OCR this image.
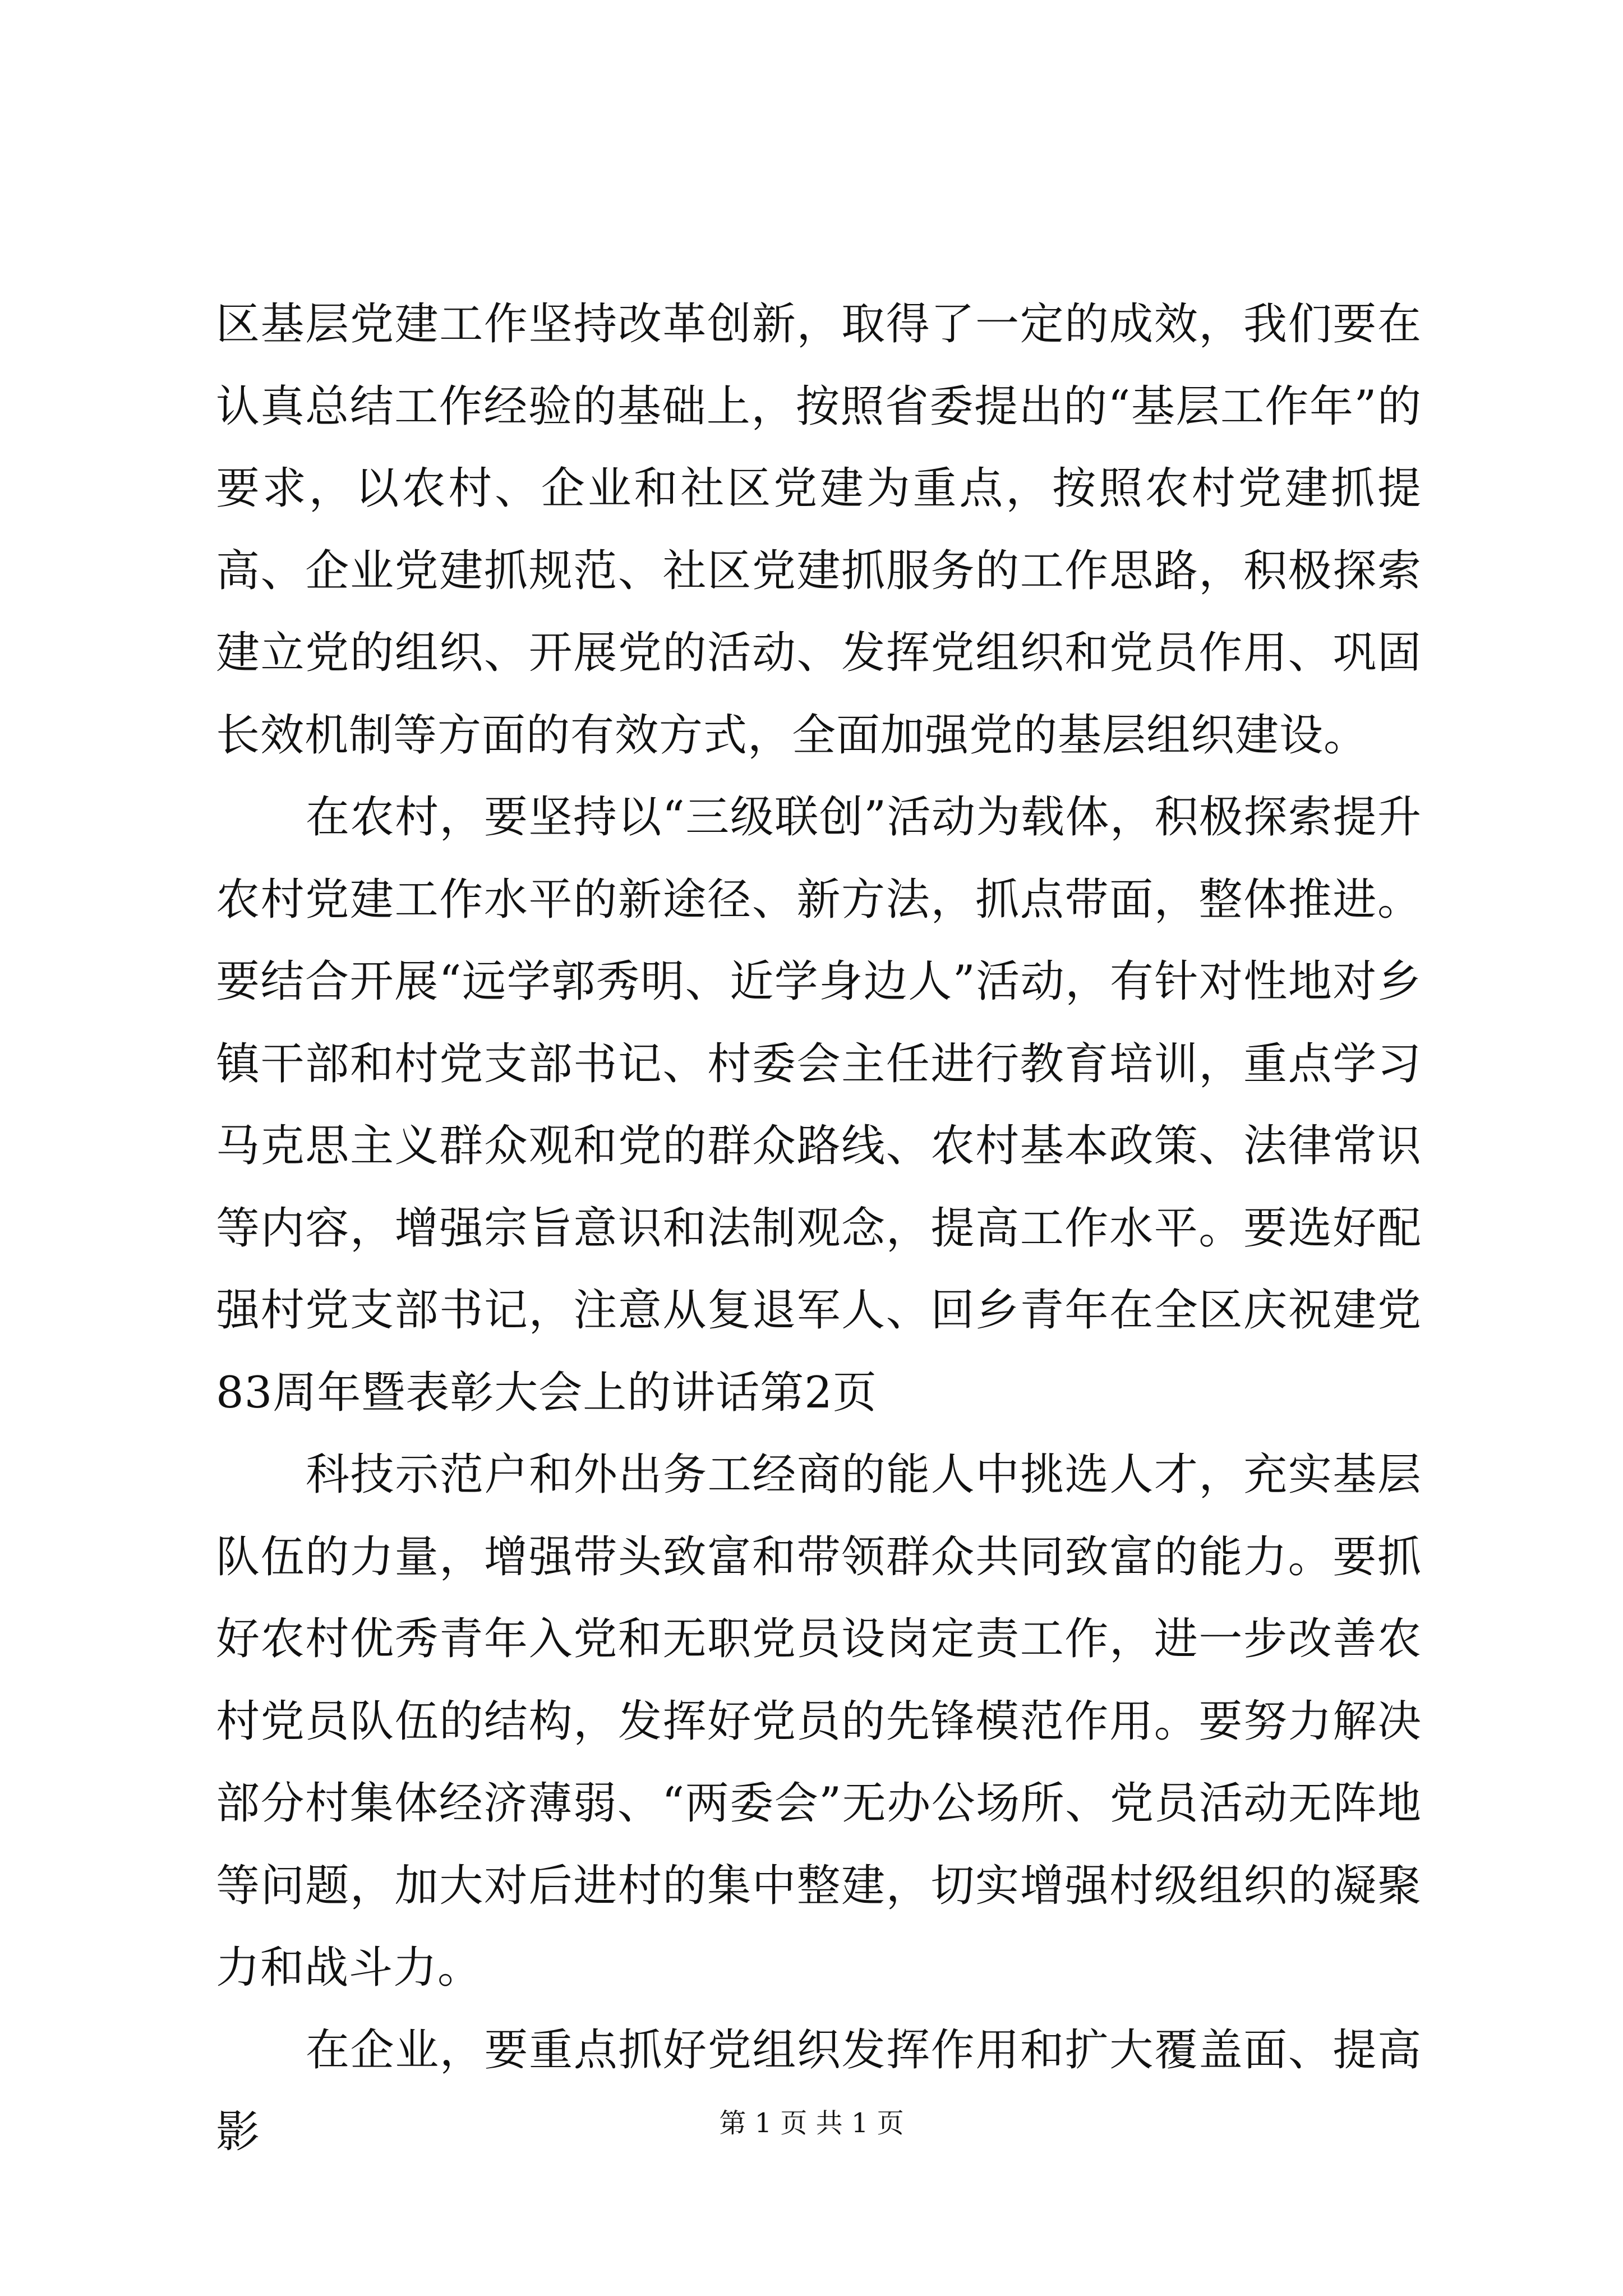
区基层党建工作坚持改革创新，取得了一定的成效，我们要在认真总结工作经验的基础上，按照省委提出的“基层工作年”的要求，以农村、企业和社区党建为重点，按照农村党建抓提高、企业党建抓规范、社区党建抓服务的工作思路，积极探索建立党的组织、开展党的活动、发挥党组织和党员作用、巩固长效机制等方面的有效方式，全面加强党的基层组织建设。

在农村，要坚持以“三级联创”活动为载体，积极探索提升农村党建工作水平的新途径、新方法，抓点带面，整体推进。要结合开展“远学郭秀明、近学身边人”活动，有针对性地对乡镇干部和村党支部书记、村委会主任进行教育培训，重点学习马克思主义群众观和党的群众路线、农村基本政策、法律常识等内容，增强宗旨意识和法制观念，提高工作水平。要选好配强村党支部书记，注意从复退军人、回乡青年在全区庆祝建党83周年暨表彰大会上的讲话第2页

科技示范户和外出务工经商的能人中挑选人才，充实基层队伍的力量，增强带头致富和带领群众共同致富的能力。要抓好农村优秀青年入党和无职党员设岗定责工作，进一步改善农村党员队伍的结构，发挥好党员的先锋模范作用。要努力解决部分村集体经济薄弱、“两委会”无办公场所、党员活动无阵地等问题，加大对后进村的集中整建，切实增强村级组织的凝聚力和战斗力。

在企业，要重点抓好党组织发挥作用和扩大覆盖面、提高影	第 1 页 共 1 页
